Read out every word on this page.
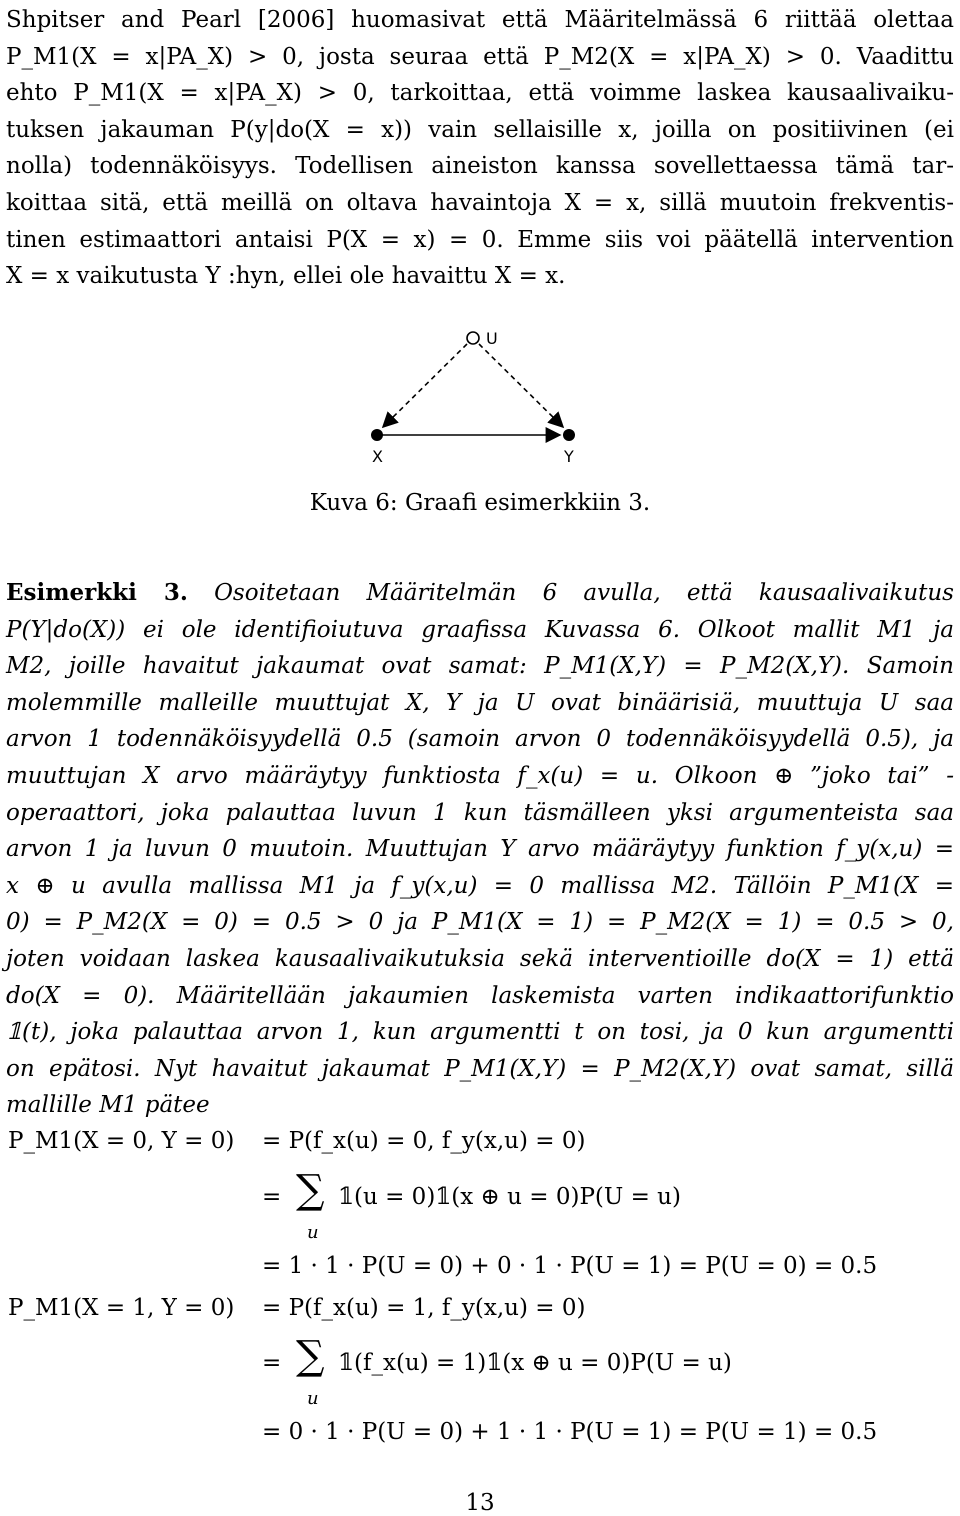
Shpitser and Pearl [2006] huomasivat että Määritelmässä 6 riittää olettaa
P_M1(X = x|PA_X) > 0, josta seuraa että P_M2(X = x|PA_X) > 0. Vaadittu
ehto P_M1(X = x|PA_X) > 0, tarkoittaa, että voimme laskea kausaalivaiku-
tuksen jakauman P(y|do(X = x)) vain sellaisille x, joilla on positiivinen (ei
nolla) todennäköisyys. Todellisen aineiston kanssa sovellettaessa tämä tar-
koittaa sitä, että meillä on oltava havaintoja X = x, sillä muutoin frekventis-
tinen estimaattori antaisi P(X = x) = 0. Emme siis voi päätellä intervention
X = x vaikutusta Y :hyn, ellei ole havaittu X = x.
U
X	Y
Kuva 6: Graafi esimerkkiin 3.
Esimerkki 3. Osoitetaan Määritelmän 6 avulla, että kausaalivaikutus
P(Y|do(X)) ei ole identifioiutuva graafissa Kuvassa 6. Olkoot mallit M1 ja
M2, joille havaitut jakaumat ovat samat: P_M1(X,Y) = P_M2(X,Y). Samoin
molemmille malleille muuttujat X, Y ja U ovat binäärisiä, muuttuja U saa
arvon 1 todennäköisyydellä 0.5 (samoin arvon 0 todennäköisyydellä 0.5), ja
muuttujan X arvo määräytyy funktiosta f_x(u) = u. Olkoon ⊕ ”joko tai” -
operaattori, joka palauttaa luvun 1 kun täsmälleen yksi argumenteista saa
arvon 1 ja luvun 0 muutoin. Muuttujan Y arvo määräytyy funktion f_y(x,u) =
x ⊕ u avulla mallissa M1 ja f_y(x,u) = 0 mallissa M2. Tällöin P_M1(X =
0) = P_M2(X = 0) = 0.5 > 0 ja P_M1(X = 1) = P_M2(X = 1) = 0.5 > 0,
joten voidaan laskea kausaalivaikutuksia sekä interventioille do(X = 1) että
do(X = 0). Määritellään jakaumien laskemista varten indikaattorifunktio
𝟙(t), joka palauttaa arvon 1, kun argumentti t on tosi, ja 0 kun argumentti
on epätosi. Nyt havaitut jakaumat P_M1(X,Y) = P_M2(X,Y) ovat samat, sillä
mallille M1 pätee
P_M1(X = 0, Y = 0) = P(f_x(u) = 0, f_y(x,u) = 0)
= ∑
u
𝟙(u = 0)𝟙(x ⊕ u = 0)P(U = u)
= 1 · 1 · P(U = 0) + 0 · 1 · P(U = 1) = P(U = 0) = 0.5
P_M1(X = 1, Y = 0) = P(f_x(u) = 1, f_y(x,u) = 0)
= ∑
u
𝟙(f_x(u) = 1)𝟙(x ⊕ u = 0)P(U = u)
= 0 · 1 · P(U = 0) + 1 · 1 · P(U = 1) = P(U = 1) = 0.5
13
